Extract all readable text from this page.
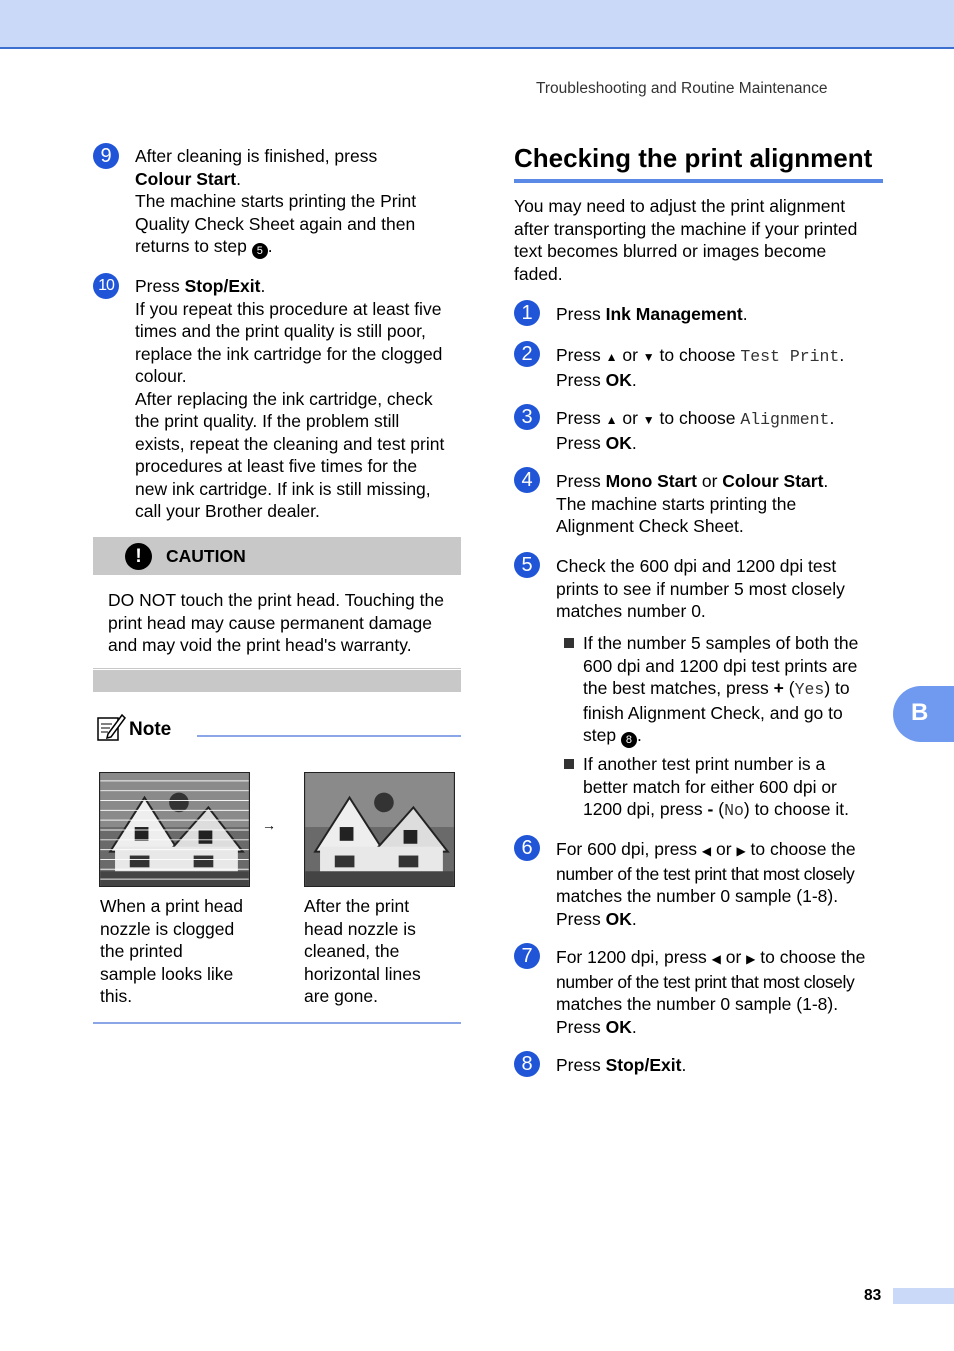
Troubleshooting and Routine Maintenance
9	After cleaning is finished, press
Colour Start.
The machine starts printing the Print
Quality Check Sheet again and then
returns to step 5 .
10 Press Stop/Exit.
If you repeat this procedure at least five
times and the print quality is still poor,
replace the ink cartridge for the clogged
colour.
After replacing the ink cartridge, check
the print quality. If the problem still
exists, repeat the cleaning and test print
procedures at least five times for the
new ink cartridge. If ink is still missing,
call your Brother dealer.
!	CAUTION
DO NOT touch the print head. Touching the
print head may cause permanent damage
and may void the print head's warranty.
Note
→
When a print head
nozzle is clogged
the printed
sample looks like
this.
After the print
head nozzle is
cleaned, the
horizontal lines
are gone.
Checking the print alignment
You may need to adjust the print alignment
after transporting the machine if your printed
text becomes blurred or images become
faded.
1	Press Ink Management.
2	Press ▲ or ▼ to choose Test Print.
Press OK.
3	Press ▲ or ▼ to choose Alignment.
Press OK.
4	Press Mono Start or Colour Start.
The machine starts printing the
Alignment Check Sheet.
5	Check the 600 dpi and 1200 dpi test
prints to see if number 5 most closely
matches number 0.
If the number 5 samples of both the
600 dpi and 1200 dpi test prints are
the best matches, press + (Yes) to
finish Alignment Check, and go to
step 8 .
If another test print number is a
better match for either 600 dpi or
1200 dpi, press - (No) to choose it.
6	For 600 dpi, press ◀ or ▶ to choose the
number of the test print that most closely
matches the number 0 sample (1-8).
Press OK.
7	For 1200 dpi, press ◀ or ▶ to choose the
number of the test print that most closely
matches the number 0 sample (1-8).
Press OK.
8	Press Stop/Exit.
B
83
